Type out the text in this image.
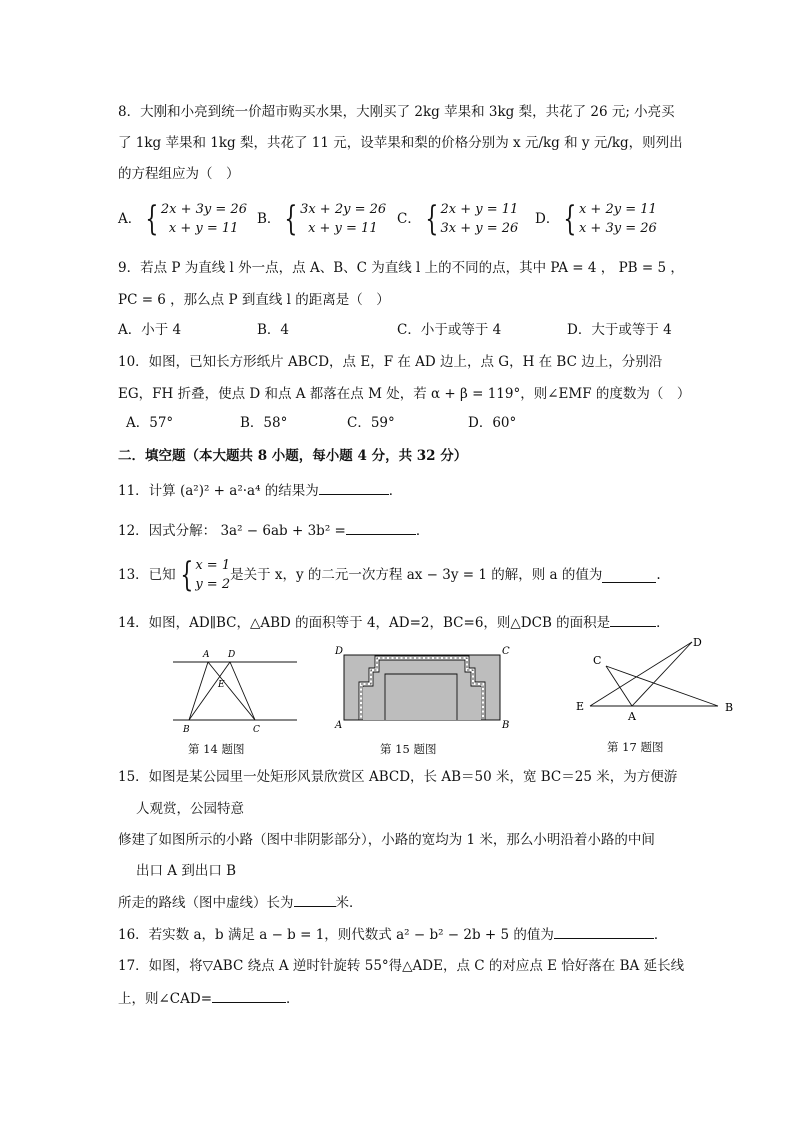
8．大刚和小亮到统一价超市购买水果，大刚买了 2kg 苹果和 3kg 梨，共花了 26 元; 小亮买
了 1kg 苹果和 1kg 梨，共花了 11 元，设苹果和梨的价格分别为 x 元/kg 和 y 元/kg，则列出
的方程组应为（　）
A． { 2x + 3y = 26
x + y = 11
B． { 3x + 2y = 26
x + y = 11
C． { 2x + y = 11
3x + y = 26
D． { x + 2y = 11
x + 3y = 26
9．若点 P 为直线 l 外一点，点 A、B、C 为直线 l 上的不同的点，其中 PA = 4 ， PB = 5 ，
PC = 6 ，那么点 P 到直线 l 的距离是（　）
A．小于 4	B．4	C．小于或等于 4	D．大于或等于 4
10．如图，已知长方形纸片 ABCD，点 E，F 在 AD 边上，点 G，H 在 BC 边上，分别沿
EG，FH 折叠，使点 D 和点 A 都落在点 M 处，若 α + β = 119°，则∠EMF 的度数为（　）
A．57°	B．58°	C．59°	D．60°
二．填空题（本大题共 8 小题，每小题 4 分，共 32 分）
11．计算 (a²)² + a²·a⁴ 的结果为	．
12．因式分解： 3a² − 6ab + 3b² =	．
13．已知 { x = 1
y = 2
是关于 x，y 的二元一次方程 ax − 3y = 1 的解，则 a 的值为	.
14．如图，AD∥BC，△ABD 的面积等于 4，AD=2，BC=6，则△DCB 的面积是	．
A D
E
B	C
第 14 题图
D	C
A	B
第 15 题图
D
C
E
A
B
第 17 题图
15．如图是某公园里一处矩形风景欣赏区 ABCD，长 AB＝50 米，宽 BC＝25 米，为方便游
人观赏，公园特意
修建了如图所示的小路（图中非阴影部分），小路的宽均为 1 米，那么小明沿着小路的中间
出口 A 到出口 B
所走的路线（图中虚线）长为	米．
16．若实数 a，b 满足 a − b = 1，则代数式 a² − b² − 2b + 5 的值为	．
17．如图，将▽ABC 绕点 A 逆时针旋转 55°得△ADE，点 C 的对应点 E 恰好落在 BA 延长线
上，则∠CAD=	．
